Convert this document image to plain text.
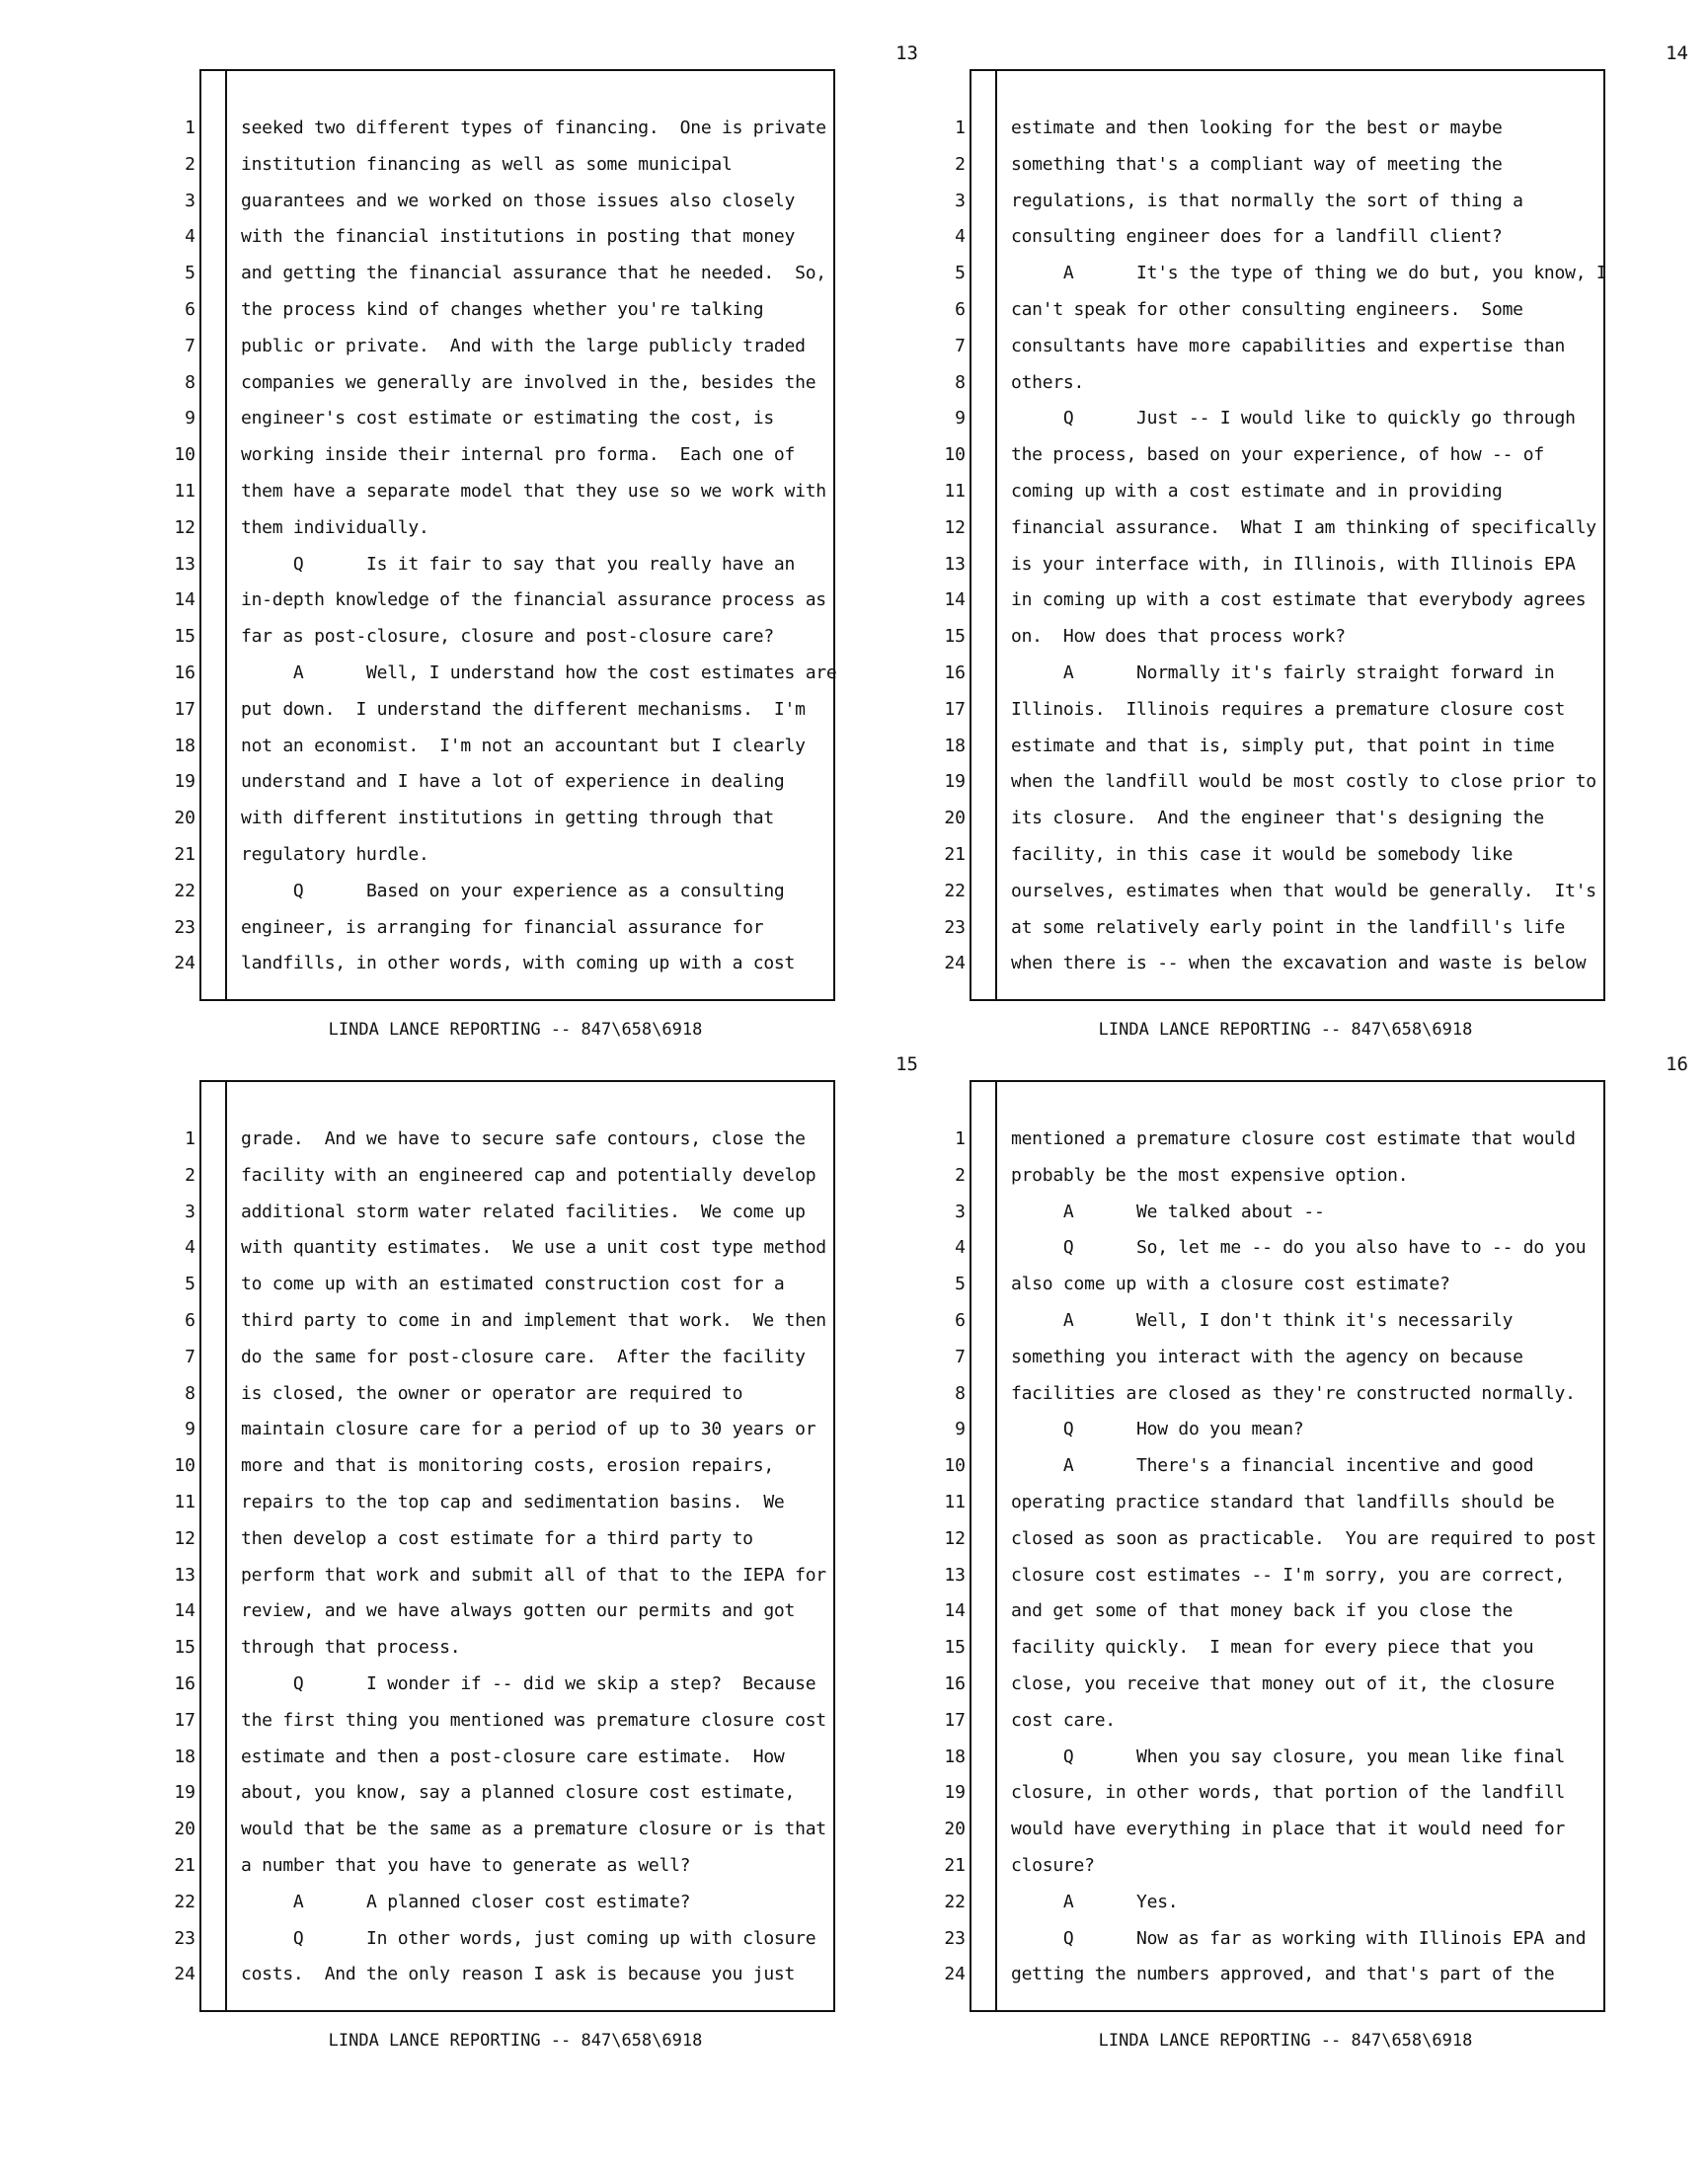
13
1	seeked two different types of financing.  One is private
2	institution financing as well as some municipal
3	guarantees and we worked on those issues also closely
4	with the financial institutions in posting that money
5	and getting the financial assurance that he needed.  So,
6	the process kind of changes whether you're talking
7	public or private.  And with the large publicly traded
8	companies we generally are involved in the, besides the
9	engineer's cost estimate or estimating the cost, is
10	working inside their internal pro forma.  Each one of
11	them have a separate model that they use so we work with
12	them individually.
13	Q      Is it fair to say that you really have an
14	in-depth knowledge of the financial assurance process as
15	far as post-closure, closure and post-closure care?
16	A      Well, I understand how the cost estimates are
17	put down.  I understand the different mechanisms.  I'm
18	not an economist.  I'm not an accountant but I clearly
19	understand and I have a lot of experience in dealing
20	with different institutions in getting through that
21	regulatory hurdle.
22	Q      Based on your experience as a consulting
23	engineer, is arranging for financial assurance for
24	landfills, in other words, with coming up with a cost
LINDA LANCE REPORTING -- 847\658\6918
14
1	estimate and then looking for the best or maybe
2	something that's a compliant way of meeting the
3	regulations, is that normally the sort of thing a
4	consulting engineer does for a landfill client?
5	A      It's the type of thing we do but, you know, I
6	can't speak for other consulting engineers.  Some
7	consultants have more capabilities and expertise than
8	others.
9	Q      Just -- I would like to quickly go through
10	the process, based on your experience, of how -- of
11	coming up with a cost estimate and in providing
12	financial assurance.  What I am thinking of specifically
13	is your interface with, in Illinois, with Illinois EPA
14	in coming up with a cost estimate that everybody agrees
15	on.  How does that process work?
16	A      Normally it's fairly straight forward in
17	Illinois.  Illinois requires a premature closure cost
18	estimate and that is, simply put, that point in time
19	when the landfill would be most costly to close prior to
20	its closure.  And the engineer that's designing the
21	facility, in this case it would be somebody like
22	ourselves, estimates when that would be generally.  It's
23	at some relatively early point in the landfill's life
24	when there is -- when the excavation and waste is below
LINDA LANCE REPORTING -- 847\658\6918
15
1	grade.  And we have to secure safe contours, close the
2	facility with an engineered cap and potentially develop
3	additional storm water related facilities.  We come up
4	with quantity estimates.  We use a unit cost type method
5	to come up with an estimated construction cost for a
6	third party to come in and implement that work.  We then
7	do the same for post-closure care.  After the facility
8	is closed, the owner or operator are required to
9	maintain closure care for a period of up to 30 years or
10	more and that is monitoring costs, erosion repairs,
11	repairs to the top cap and sedimentation basins.  We
12	then develop a cost estimate for a third party to
13	perform that work and submit all of that to the IEPA for
14	review, and we have always gotten our permits and got
15	through that process.
16	Q      I wonder if -- did we skip a step?  Because
17	the first thing you mentioned was premature closure cost
18	estimate and then a post-closure care estimate.  How
19	about, you know, say a planned closure cost estimate,
20	would that be the same as a premature closure or is that
21	a number that you have to generate as well?
22	A      A planned closer cost estimate?
23	Q      In other words, just coming up with closure
24	costs.  And the only reason I ask is because you just
LINDA LANCE REPORTING -- 847\658\6918
16
1	mentioned a premature closure cost estimate that would
2	probably be the most expensive option.
3	A      We talked about --
4	Q      So, let me -- do you also have to -- do you
5	also come up with a closure cost estimate?
6	A      Well, I don't think it's necessarily
7	something you interact with the agency on because
8	facilities are closed as they're constructed normally.
9	Q      How do you mean?
10	A      There's a financial incentive and good
11	operating practice standard that landfills should be
12	closed as soon as practicable.  You are required to post
13	closure cost estimates -- I'm sorry, you are correct,
14	and get some of that money back if you close the
15	facility quickly.  I mean for every piece that you
16	close, you receive that money out of it, the closure
17	cost care.
18	Q      When you say closure, you mean like final
19	closure, in other words, that portion of the landfill
20	would have everything in place that it would need for
21	closure?
22	A      Yes.
23	Q      Now as far as working with Illinois EPA and
24	getting the numbers approved, and that's part of the
LINDA LANCE REPORTING -- 847\658\6918
